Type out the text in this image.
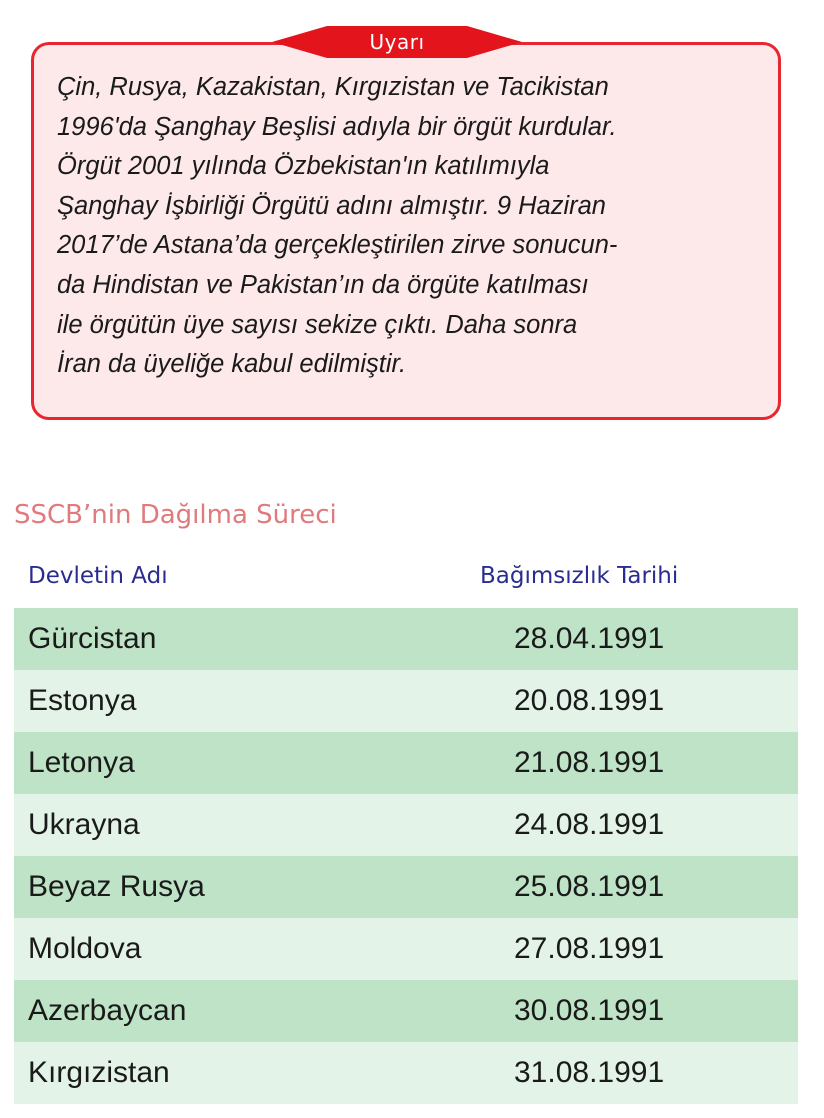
Uyarı

Çin, Rusya, Kazakistan, Kırgızistan ve Tacikistan
1996'da Şanghay Beşlisi adıyla bir örgüt kurdular.
Örgüt 2001 yılında Özbekistan'ın katılımıyla
Şanghay İşbirliği Örgütü adını almıştır. 9 Haziran
2017’de Astana’da gerçekleştirilen zirve sonucun-
da Hindistan ve Pakistan’ın da örgüte katılması
ile örgütün üye sayısı sekize çıktı. Daha sonra
İran da üyeliğe kabul edilmiştir.

SSCB’nin Dağılma Süreci
Devletin Adı	Bağımsızlık Tarihi
Gürcistan	28.04.1991
Estonya	20.08.1991
Letonya	21.08.1991
Ukrayna	24.08.1991
Beyaz Rusya	25.08.1991
Moldova	27.08.1991
Azerbaycan	30.08.1991
Kırgızistan	31.08.1991
